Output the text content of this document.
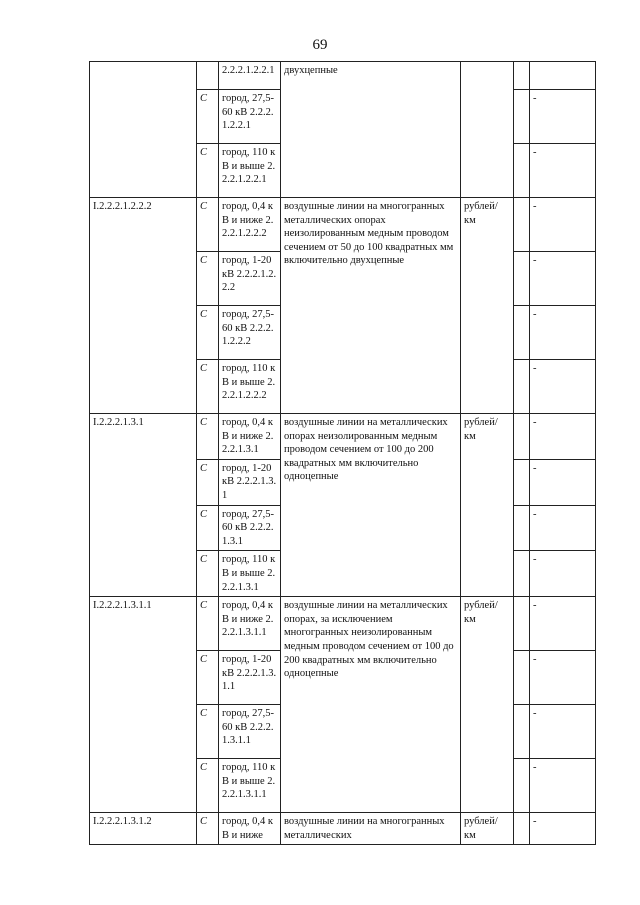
69
		2.2.2.1.2.2.1	двухцепные			
	С	город, 27,5-60 кВ 2.2.2.1.2.2.1				-
	С	город, 110 кВ и выше 2.2.2.1.2.2.1				-
I.2.2.2.1.2.2.2	С	город, 0,4 кВ и ниже 2.2.2.1.2.2.2	воздушные линии на многогранных металлических опорах неизолированным медным проводом сечением от 50 до 100 квадратных мм включительно двухцепные	рублей/ км		-
	С	город, 1-20 кВ 2.2.2.1.2.2.2				-
	С	город, 27,5-60 кВ 2.2.2.1.2.2.2				-
	С	город, 110 кВ и выше 2.2.2.1.2.2.2				-
I.2.2.2.1.3.1	С	город, 0,4 кВ и ниже 2.2.2.1.3.1	воздушные линии на металлических опорах неизолированным медным проводом сечением от 100 до 200 квадратных мм включительно одноцепные	рублей/ км		-
	С	город, 1-20 кВ 2.2.2.1.3.1				-
	С	город, 27,5-60 кВ 2.2.2.1.3.1				-
	С	город, 110 кВ и выше 2.2.2.1.3.1				-
I.2.2.2.1.3.1.1	С	город, 0,4 кВ и ниже 2.2.2.1.3.1.1	воздушные линии на металлических опорах, за исключением многогранных неизолированным медным проводом сечением от 100 до 200 квадратных мм включительно одноцепные	рублей/ км		-
	С	город, 1-20 кВ 2.2.2.1.3.1.1				-
	С	город, 27,5-60 кВ 2.2.2.1.3.1.1				-
	С	город, 110 кВ и выше 2.2.2.1.3.1.1				-
I.2.2.2.1.3.1.2	С	город, 0,4 кВ и ниже	воздушные линии на многогранных металлических	рублей/ км		-
